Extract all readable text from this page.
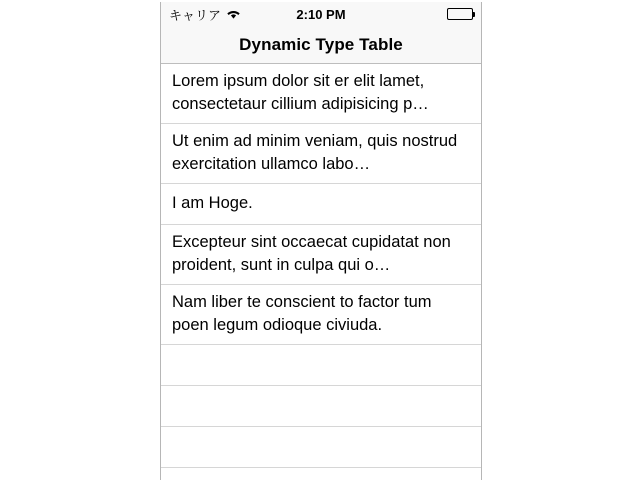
キャリア	2:10 PM
Dynamic Type Table
Lorem ipsum dolor sit er elit lamet, consectetaur cillium adipisicing p…
Ut enim ad minim veniam, quis nostrud exercitation ullamco labo…
I am Hoge.
Excepteur sint occaecat cupidatat non proident, sunt in culpa qui o…
Nam liber te conscient to factor tum poen legum odioque civiuda.
